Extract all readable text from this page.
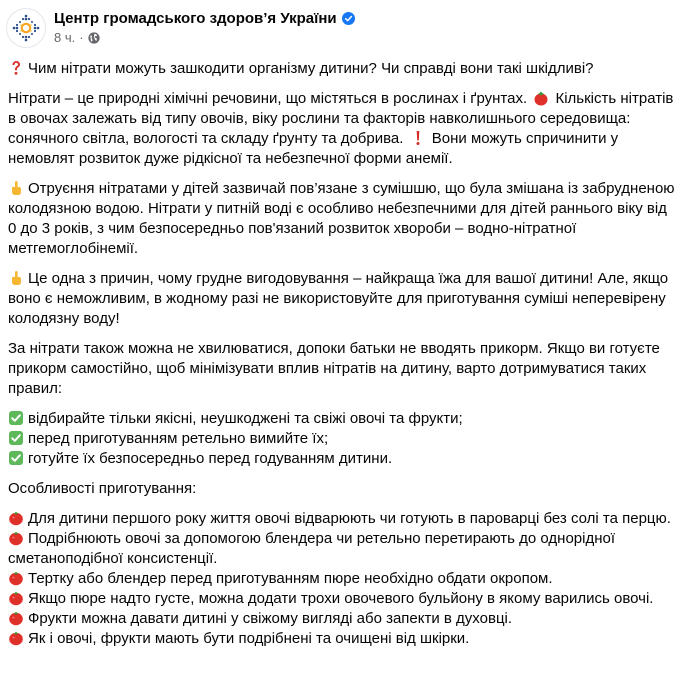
Центр громадського здоров’я України
8 ч. ·

Чим нітрати можуть зашкодити організму дитини? Чи справді вони такі шкідливі?

Нітрати – це природні хімічні речовини, що містяться в рослинах і ґрунтах. Кількість нітратів в овочах залежать від типу овочів, віку рослини та факторів навколишнього середовища: сонячного світла, вологості та складу ґрунту та добрива. Вони можуть спричинити у немовлят розвиток дуже рідкісної та небезпечної форми анемії.

Отруєння нітратами у дітей зазвичай пов’язане з сумішшю, що була змішана із забрудненою колодязною водою. Нітрати у питній воді є особливо небезпечними для дітей раннього віку від 0 до 3 років, з чим безпосередньо пов'язаний розвиток хвороби – водно-нітратної метгемоглобінемії.

Це одна з причин, чому грудне вигодовування – найкраща їжа для вашої дитини! Але, якщо воно є неможливим, в жодному разі не використовуйте для приготування суміші неперевірену колодязну воду!

За нітрати також можна не хвилюватися, допоки батьки не вводять прикорм. Якщо ви готуєте прикорм самостійно, щоб мінімізувати вплив нітратів на дитину, варто дотримуватися таких правил:

відбирайте тільки якісні, неушкоджені та свіжі овочі та фрукти;
перед приготуванням ретельно вимийте їх;
готуйте їх безпосередньо перед годуванням дитини.

Особливості приготування:

Для дитини першого року життя овочі відварюють чи готують в пароварці без солі та перцю.
Подрібнюють овочі за допомогою блендера чи ретельно перетирають до однорідної сметаноподібної консистенції.
Тертку або блендер перед приготуванням пюре необхідно обдати окропом.
Якщо пюре надто густе, можна додати трохи овочевого бульйону в якому варились овочі.
Фрукти можна давати дитині у свіжому вигляді або запекти в духовці.
Як і овочі, фрукти мають бути подрібнені та очищені від шкірки.
